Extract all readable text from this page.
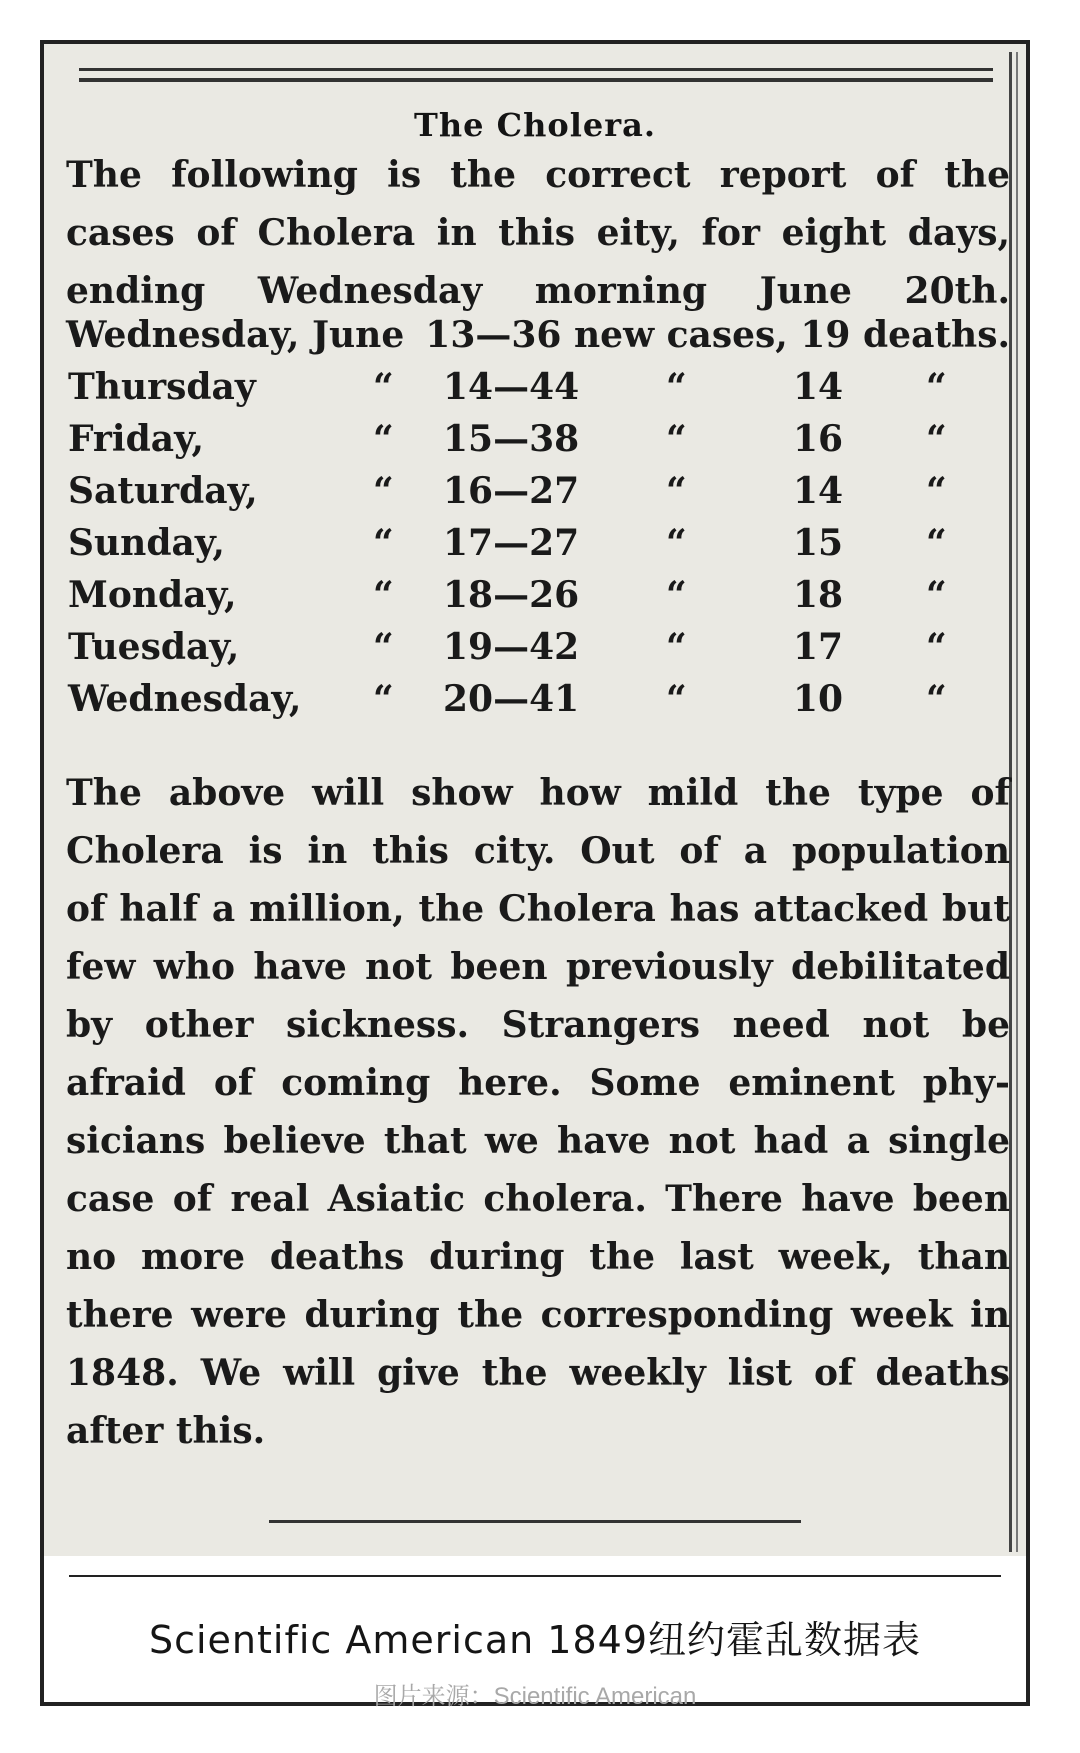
The Cholera.
The following is the correct report of the
cases of Cholera in this eity, for eight days,
ending Wednesday morning June 20th.
Wednesday, June 13—36 new cases, 19 deaths.
Thursday	“ 14—44 “	14 “
Friday,	“ 15—38 “	16 “
Saturday,	“ 16—27 “	14 “
Sunday,	“ 17—27 “	15 “
Monday,	“ 18—26 “	18 “
Tuesday,	“ 19—42 “	17 “
Wednesday, “ 20—41 “	10 “
The above will show how mild the type of
Cholera is in this city. Out of a population
of half a million, the Cholera has attacked but
few who have not been previously debilitated
by other sickness. Strangers need not be
afraid of coming here. Some eminent phy-
sicians believe that we have not had a single
case of real Asiatic cholera. There have been
no more deaths during the last week, than
there were during the corresponding week in
1848. We will give the weekly list of deaths
after this.
Scientific American 1849纽约霍乱数据表
图片来源：Scientific American
